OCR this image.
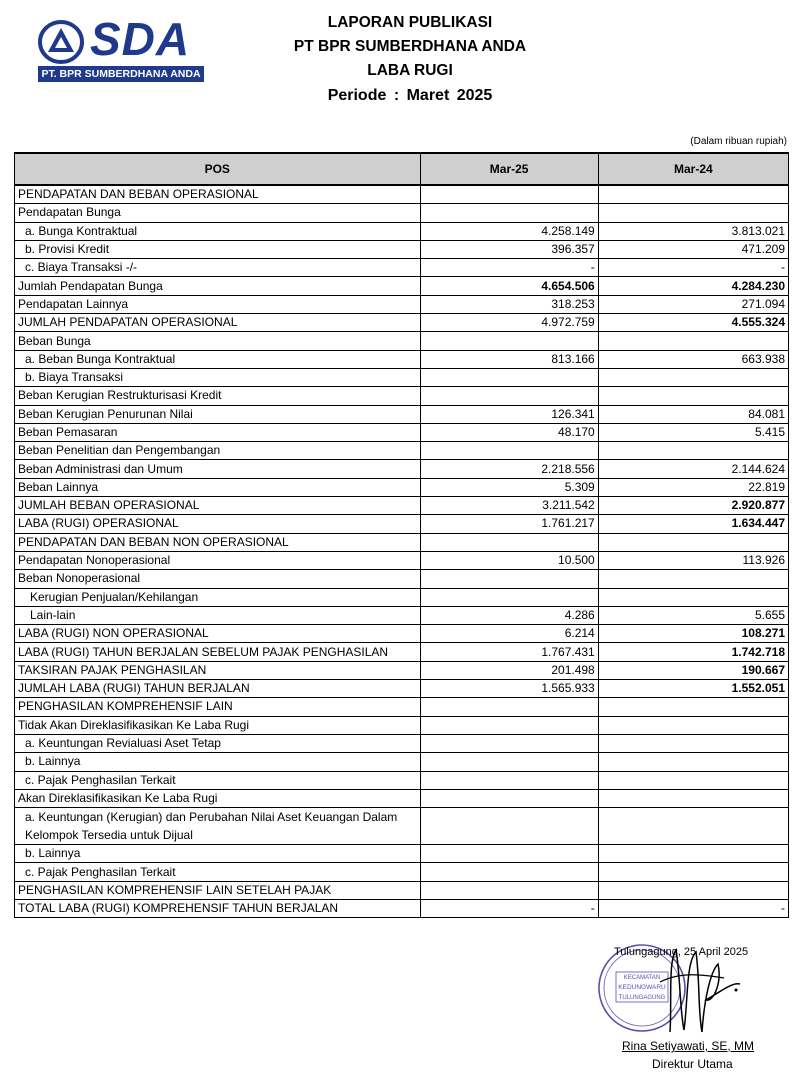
SDA
PT. BPR SUMBERDHANA ANDA
LAPORAN PUBLIKASI
PT BPR SUMBERDHANA ANDA
LABA RUGI
Periode : Maret 2025
(Dalam ribuan rupiah)
POS	Mar-25	Mar-24
PENDAPATAN DAN BEBAN OPERASIONAL		
Pendapatan Bunga		
a. Bunga Kontraktual	4.258.149	3.813.021
b. Provisi Kredit	396.357	471.209
c. Biaya Transaksi -/-	-	-
Jumlah Pendapatan Bunga	4.654.506	4.284.230
Pendapatan Lainnya	318.253	271.094
JUMLAH PENDAPATAN OPERASIONAL	4.972.759	4.555.324
Beban Bunga		
a. Beban Bunga Kontraktual	813.166	663.938
b. Biaya Transaksi		
Beban Kerugian Restrukturisasi Kredit		
Beban Kerugian Penurunan Nilai	126.341	84.081
Beban Pemasaran	48.170	5.415
Beban Penelitian dan Pengembangan		
Beban Administrasi dan Umum	2.218.556	2.144.624
Beban Lainnya	5.309	22.819
JUMLAH BEBAN OPERASIONAL	3.211.542	2.920.877
LABA (RUGI) OPERASIONAL	1.761.217	1.634.447
PENDAPATAN DAN BEBAN NON OPERASIONAL		
Pendapatan Nonoperasional	10.500	113.926
Beban Nonoperasional		
Kerugian Penjualan/Kehilangan		
Lain-lain	4.286	5.655
LABA (RUGI) NON OPERASIONAL	6.214	108.271
LABA (RUGI) TAHUN BERJALAN SEBELUM PAJAK PENGHASILAN	1.767.431	1.742.718
TAKSIRAN PAJAK PENGHASILAN	201.498	190.667
JUMLAH LABA (RUGI) TAHUN BERJALAN	1.565.933	1.552.051
PENGHASILAN KOMPREHENSIF LAIN		
Tidak Akan Direklasifikasikan Ke Laba Rugi		
a. Keuntungan Revialuasi Aset Tetap		
b. Lainnya		
c. Pajak Penghasilan Terkait		
Akan Direklasifikasikan Ke Laba Rugi		
a. Keuntungan (Kerugian) dan Perubahan Nilai Aset Keuangan Dalam Kelompok Tersedia untuk Dijual		
b. Lainnya		
c. Pajak Penghasilan Terkait		
PENGHASILAN KOMPREHENSIF LAIN SETELAH PAJAK		
TOTAL LABA (RUGI) KOMPREHENSIF TAHUN BERJALAN	-	-
KECAMATAN
KEDUNGWARU
TULUNGAGUNG
Tulungagung, 25 April 2025
Rina Setiyawati, SE, MM
Direktur Utama
